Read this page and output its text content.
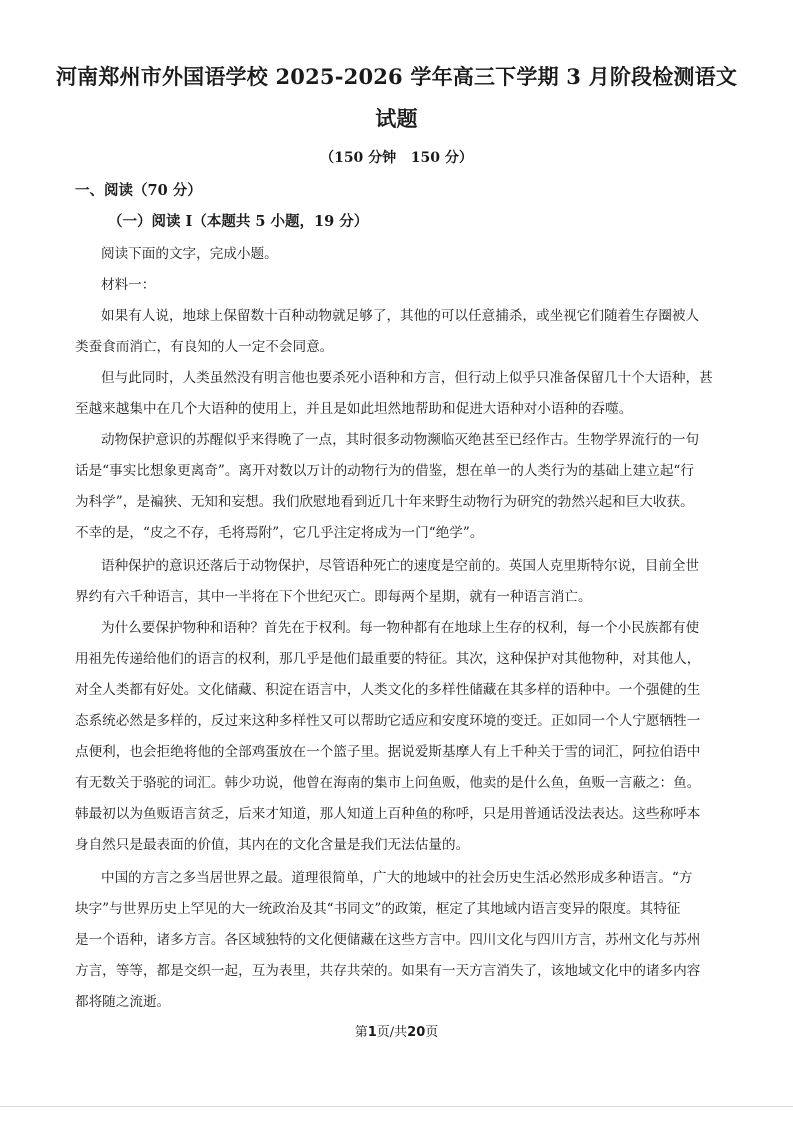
河南郑州市外国语学校 2025-2026 学年高三下学期 3 月阶段检测语文
试题
（150 分钟   150 分）
一、阅读（70 分）
（一）阅读 I（本题共 5 小题，19 分）
阅读下面的文字，完成小题。
材料一：
如果有人说，地球上保留数十百种动物就足够了，其他的可以任意捕杀，或坐视它们随着生存圈被人
类蚕食而消亡，有良知的人一定不会同意。
但与此同时，人类虽然没有明言他也要杀死小语种和方言，但行动上似乎只准备保留几十个大语种，甚
至越来越集中在几个大语种的使用上，并且是如此坦然地帮助和促进大语种对小语种的吞噬。
动物保护意识的苏醒似乎来得晚了一点，其时很多动物濒临灭绝甚至已经作古。生物学界流行的一句
话是“事实比想象更离奇”。离开对数以万计的动物行为的借鉴，想在单一的人类行为的基础上建立起“行
为科学”，是褊狭、无知和妄想。我们欣慰地看到近几十年来野生动物行为研究的勃然兴起和巨大收获。
不幸的是，“皮之不存，毛将焉附”，它几乎注定将成为一门“绝学”。
语种保护的意识还落后于动物保护，尽管语种死亡的速度是空前的。英国人克里斯特尔说，目前全世
界约有六千种语言，其中一半将在下个世纪灭亡。即每两个星期，就有一种语言消亡。
为什么要保护物种和语种？首先在于权利。每一物种都有在地球上生存的权利，每一个小民族都有使
用祖先传递给他们的语言的权利，那几乎是他们最重要的特征。其次，这种保护对其他物种，对其他人，
对全人类都有好处。文化储藏、积淀在语言中，人类文化的多样性储藏在其多样的语种中。一个强健的生
态系统必然是多样的，反过来这种多样性又可以帮助它适应和安度环境的变迁。正如同一个人宁愿牺牲一
点便利，也会拒绝将他的全部鸡蛋放在一个篮子里。据说爱斯基摩人有上千种关于雪的词汇，阿拉伯语中
有无数关于骆驼的词汇。韩少功说，他曾在海南的集市上问鱼贩，他卖的是什么鱼，鱼贩一言蔽之：鱼。
韩最初以为鱼贩语言贫乏，后来才知道，那人知道上百种鱼的称呼，只是用普通话没法表达。这些称呼本
身自然只是最表面的价值，其内在的文化含量是我们无法估量的。
中国的方言之多当居世界之最。道理很简单，广大的地域中的社会历史生活必然形成多种语言。“方
块字”与世界历史上罕见的大一统政治及其“书同文”的政策，框定了其地域内语言变异的限度。其特征
是一个语种，诸多方言。各区域独特的文化便储藏在这些方言中。四川文化与四川方言，苏州文化与苏州
方言，等等，都是交织一起，互为表里，共存共荣的。如果有一天方言消失了，该地域文化中的诸多内容
都将随之流逝。
第1页/共20页
